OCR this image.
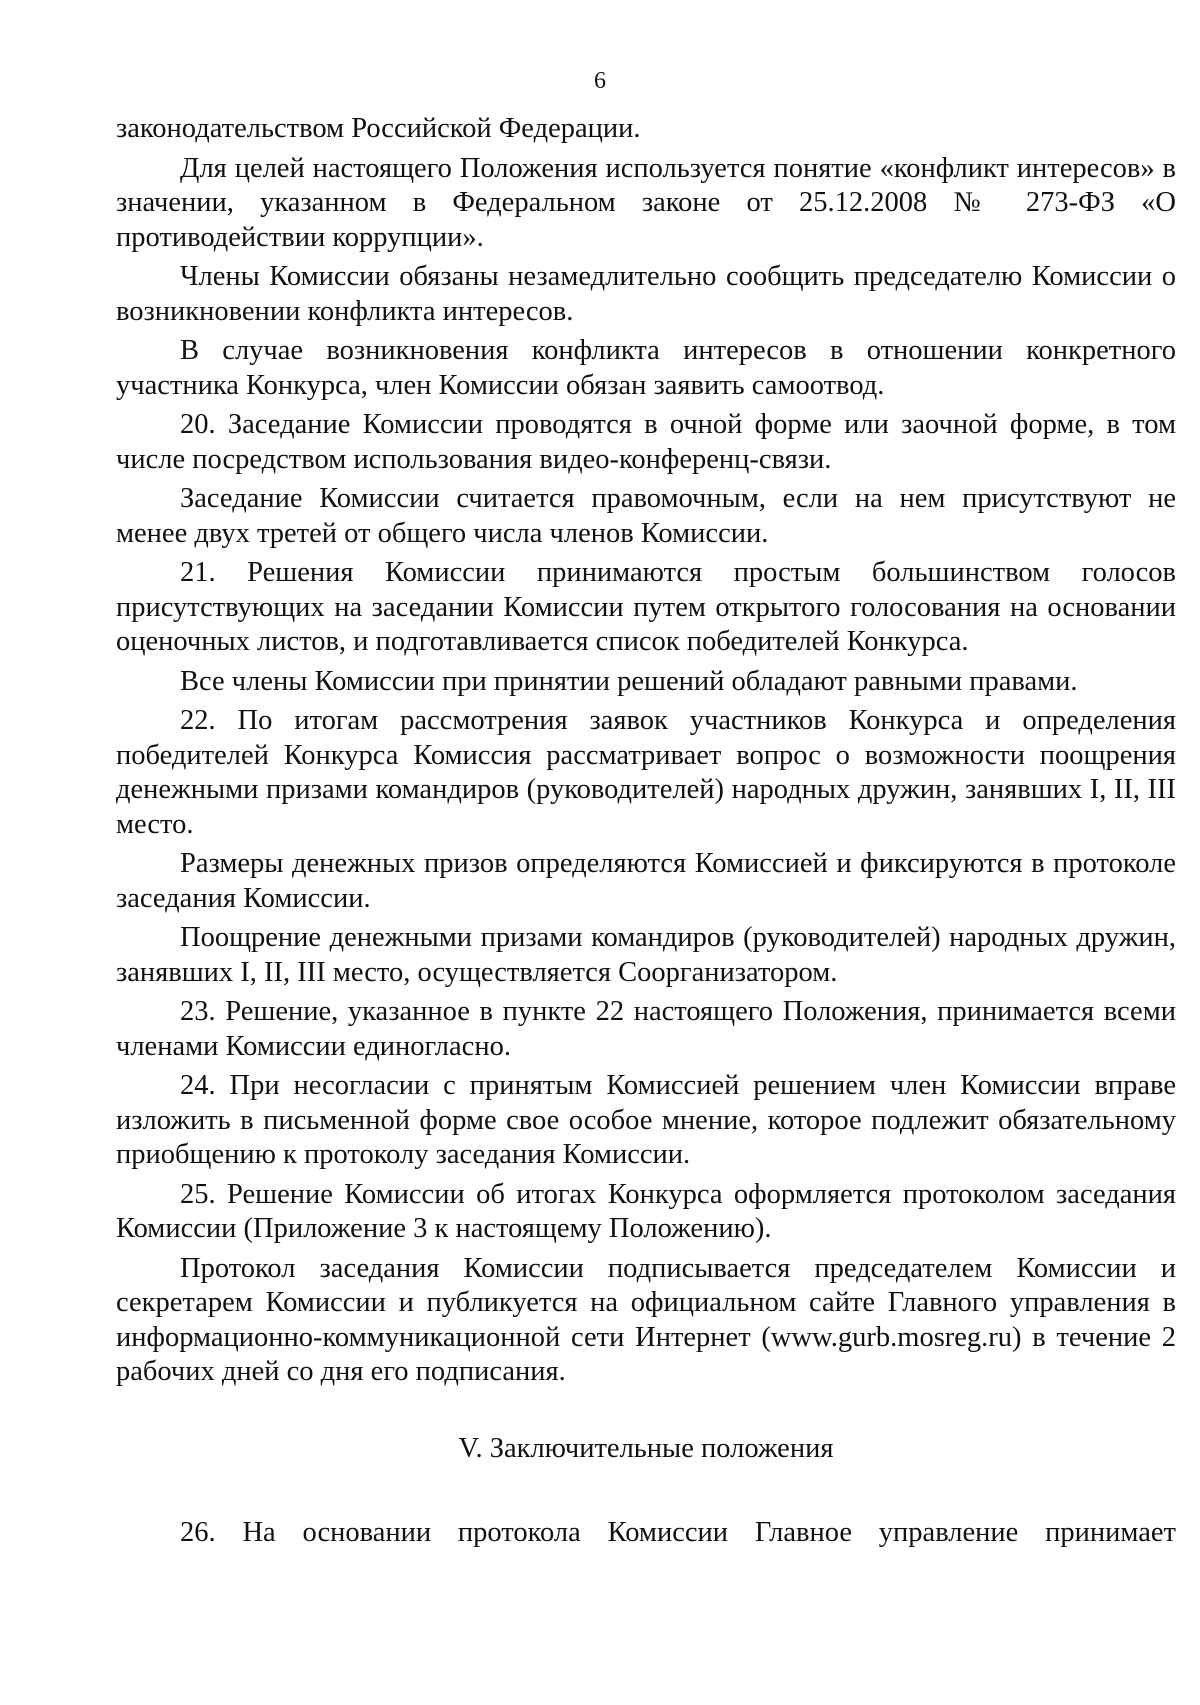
6

законодательством Российской Федерации.

Для целей настоящего Положения используется понятие «конфликт интересов» в значении, указанном в Федеральном законе от 25.12.2008 № 273-ФЗ «О противодействии коррупции».

Члены Комиссии обязаны незамедлительно сообщить председателю Комиссии о возникновении конфликта интересов.

В случае возникновения конфликта интересов в отношении конкретного участника Конкурса, член Комиссии обязан заявить самоотвод.

20. Заседание Комиссии проводятся в очной форме или заочной форме, в том числе посредством использования видео-конференц-связи.

Заседание Комиссии считается правомочным, если на нем присутствуют не менее двух третей от общего числа членов Комиссии.

21. Решения Комиссии принимаются простым большинством голосов присутствующих на заседании Комиссии путем открытого голосования на основании оценочных листов, и подготавливается список победителей Конкурса.

Все члены Комиссии при принятии решений обладают равными правами.

22. По итогам рассмотрения заявок участников Конкурса и определения победителей Конкурса Комиссия рассматривает вопрос о возможности поощрения денежными призами командиров (руководителей) народных дружин, занявших I, II, III место.

Размеры денежных призов определяются Комиссией и фиксируются в протоколе заседания Комиссии.

Поощрение денежными призами командиров (руководителей) народных дружин, занявших I, II, III место, осуществляется Соорганизатором.

23. Решение, указанное в пункте 22 настоящего Положения, принимается всеми членами Комиссии единогласно.

24. При несогласии с принятым Комиссией решением член Комиссии вправе изложить в письменной форме свое особое мнение, которое подлежит обязательному приобщению к протоколу заседания Комиссии.

25. Решение Комиссии об итогах Конкурса оформляется протоколом заседания Комиссии (Приложение 3 к настоящему Положению).

Протокол заседания Комиссии подписывается председателем Комиссии и секретарем Комиссии и публикуется на официальном сайте Главного управления в информационно-коммуникационной сети Интернет (www.gurb.mosreg.ru) в течение 2 рабочих дней со дня его подписания.

V. Заключительные положения

26. На основании протокола Комиссии Главное управление принимает
